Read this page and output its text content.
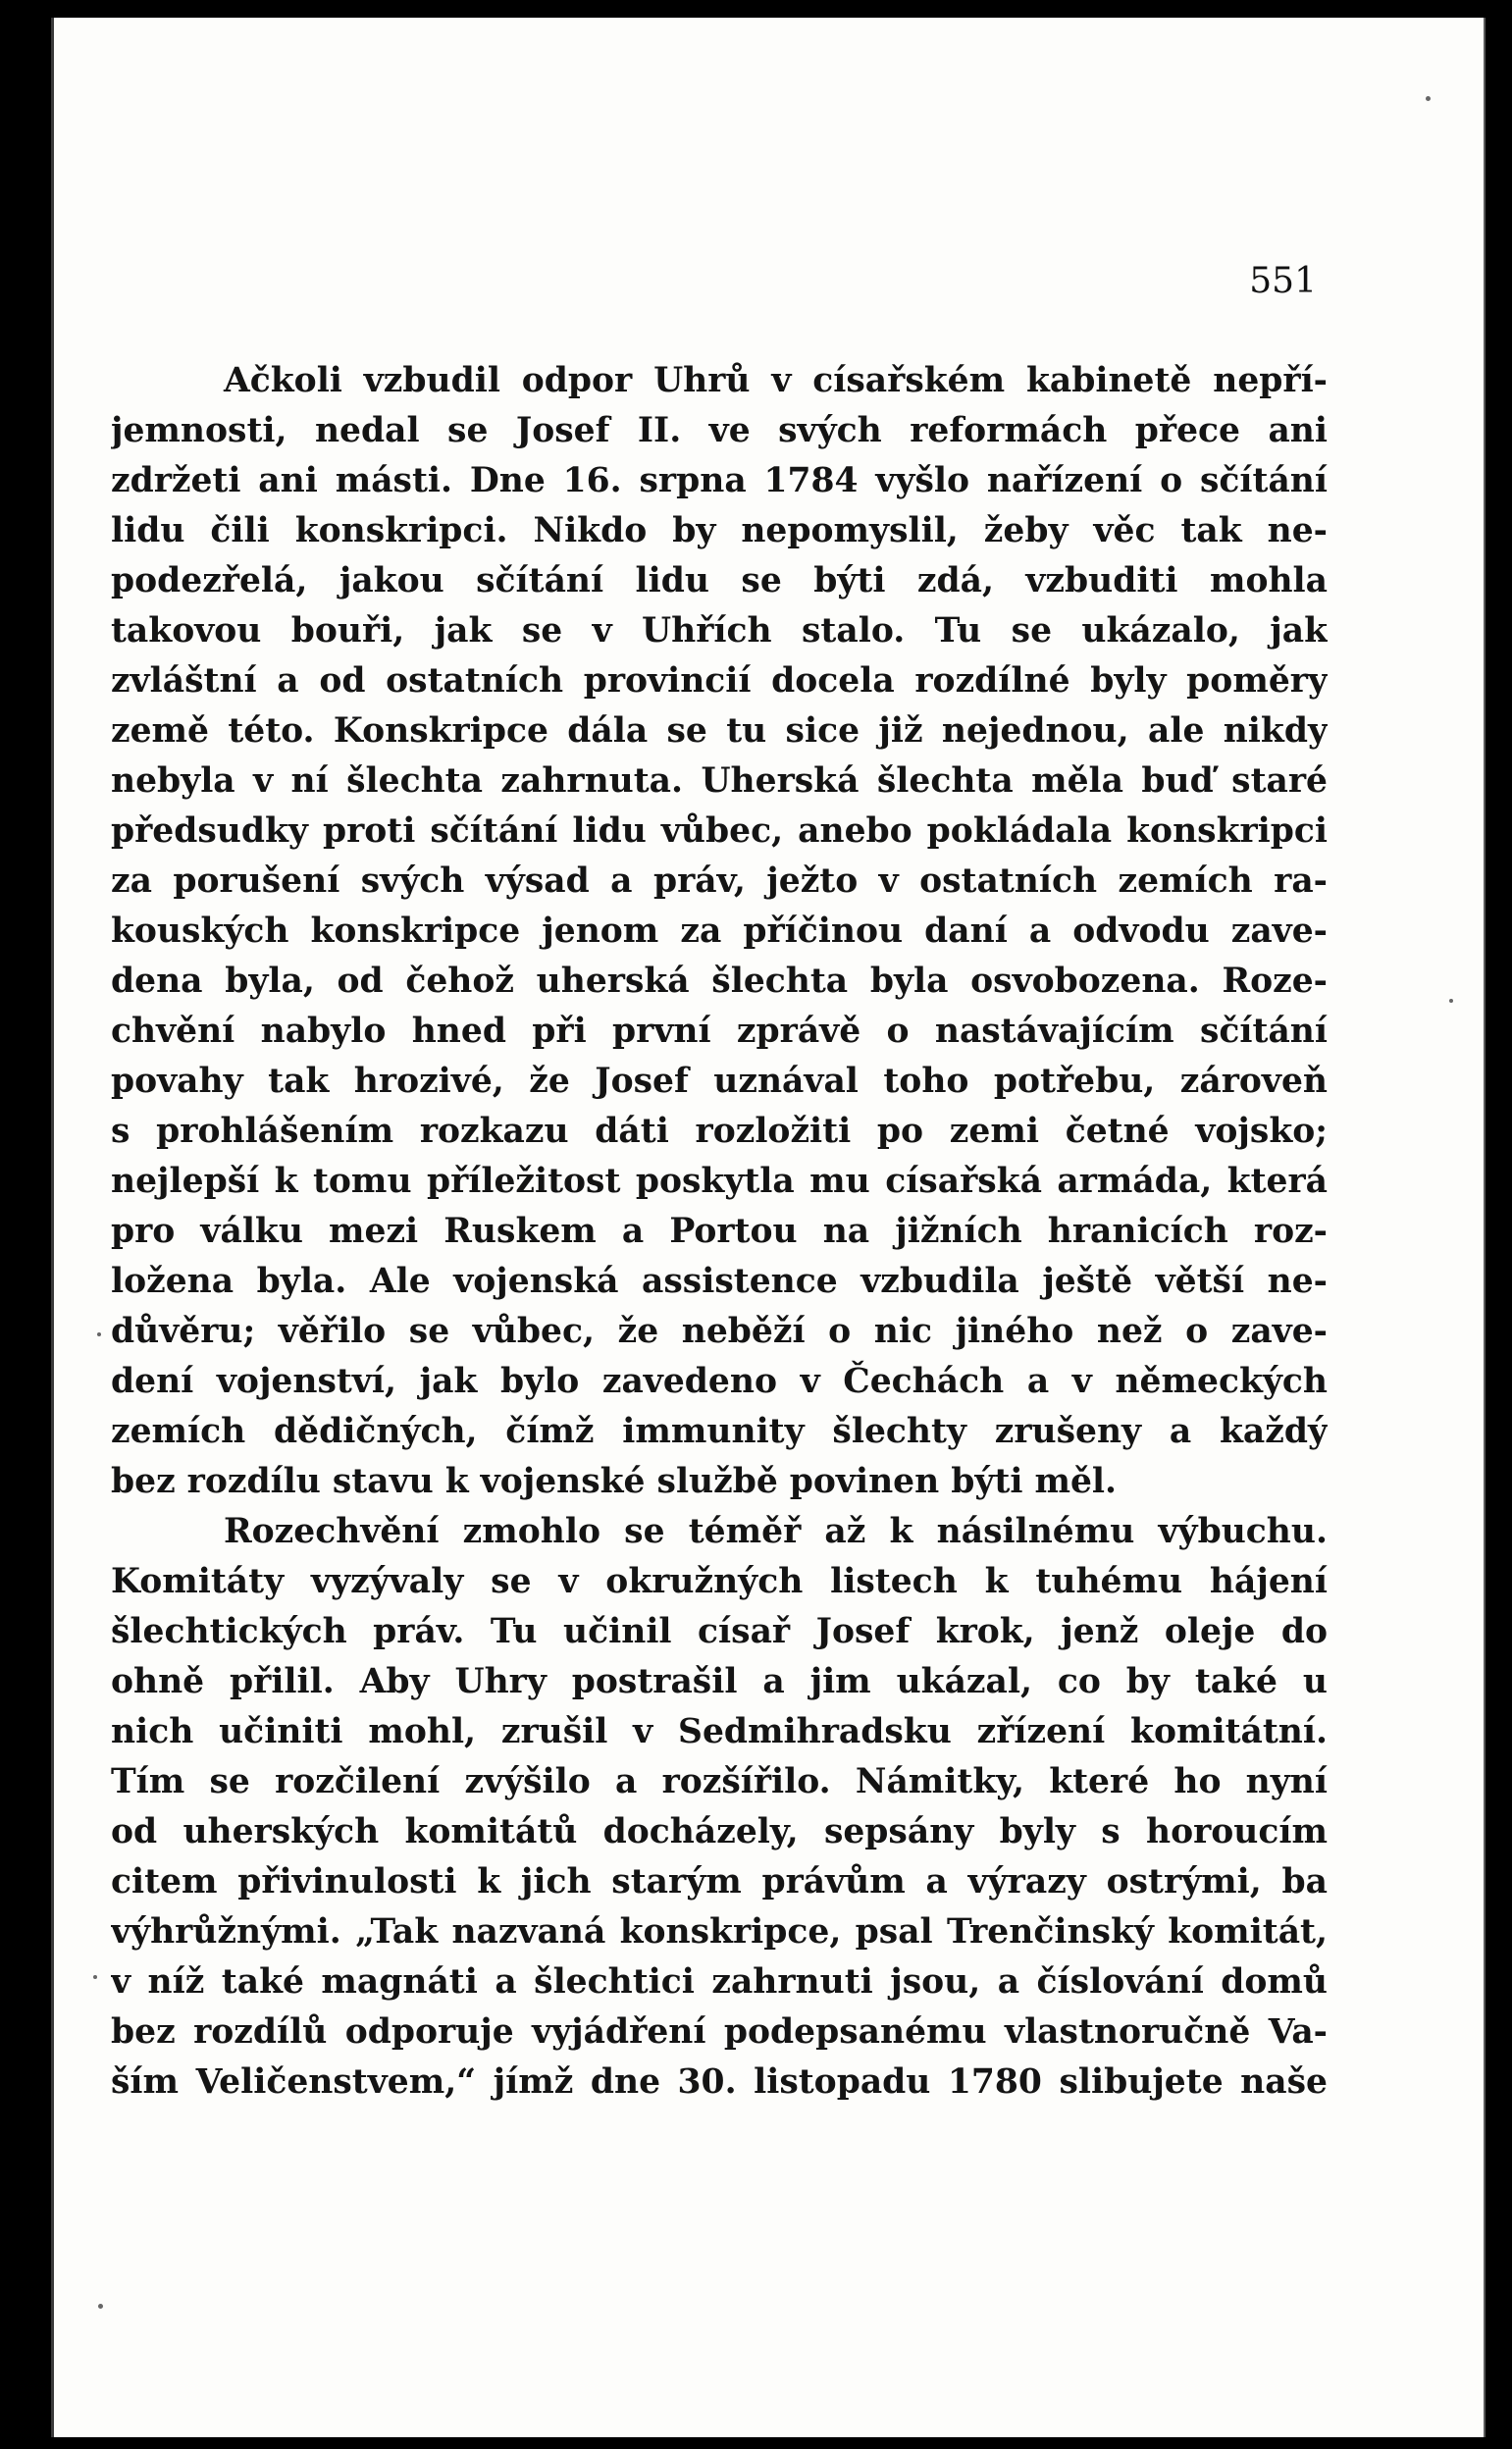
551

Ačkoli vzbudil odpor Uhrů v císařském kabinetě nepří-
jemnosti, nedal se Josef II. ve svých reformách přece ani
zdržeti ani másti. Dne 16. srpna 1784 vyšlo nařízení o sčítání
lidu čili konskripci. Nikdo by nepomyslil, žeby věc tak ne-
podezřelá, jakou sčítání lidu se býti zdá, vzbuditi mohla
takovou bouři, jak se v Uhřích stalo. Tu se ukázalo, jak
zvláštní a od ostatních provincií docela rozdílné byly poměry
země této. Konskripce dála se tu sice již nejednou, ale nikdy
nebyla v ní šlechta zahrnuta. Uherská šlechta měla buď staré
předsudky proti sčítání lidu vůbec, anebo pokládala konskripci
za porušení svých výsad a práv, ježto v ostatních zemích ra-
kouských konskripce jenom za příčinou daní a odvodu zave-
dena byla, od čehož uherská šlechta byla osvobozena. Roze-
chvění nabylo hned při první zprávě o nastávajícím sčítání
povahy tak hrozivé, že Josef uznával toho potřebu, zároveň
s prohlášením rozkazu dáti rozložiti po zemi četné vojsko;
nejlepší k tomu příležitost poskytla mu císařská armáda, která
pro válku mezi Ruskem a Portou na jižních hranicích roz-
ložena byla. Ale vojenská assistence vzbudila ještě větší ne-
důvěru; věřilo se vůbec, že neběží o nic jiného než o zave-
dení vojenství, jak bylo zavedeno v Čechách a v německých
zemích dědičných, čímž immunity šlechty zrušeny a každý
bez rozdílu stavu k vojenské službě povinen býti měl.
Rozechvění zmohlo se téměř až k násilnému výbuchu.
Komitáty vyzývaly se v okružných listech k tuhému hájení
šlechtických práv. Tu učinil císař Josef krok, jenž oleje do
ohně přilil. Aby Uhry postrašil a jim ukázal, co by také u
nich učiniti mohl, zrušil v Sedmihradsku zřízení komitátní.
Tím se rozčilení zvýšilo a rozšířilo. Námitky, které ho nyní
od uherských komitátů docházely, sepsány byly s horoucím
citem přivinulosti k jich starým právům a výrazy ostrými, ba
výhrůžnými. „Tak nazvaná konskripce, psal Trenčinský komitát,
v níž také magnáti a šlechtici zahrnuti jsou, a číslování domů
bez rozdílů odporuje vyjádření podepsanému vlastnoručně Va-
ším Veličenstvem,“ jímž dne 30. listopadu 1780 slibujete naše
